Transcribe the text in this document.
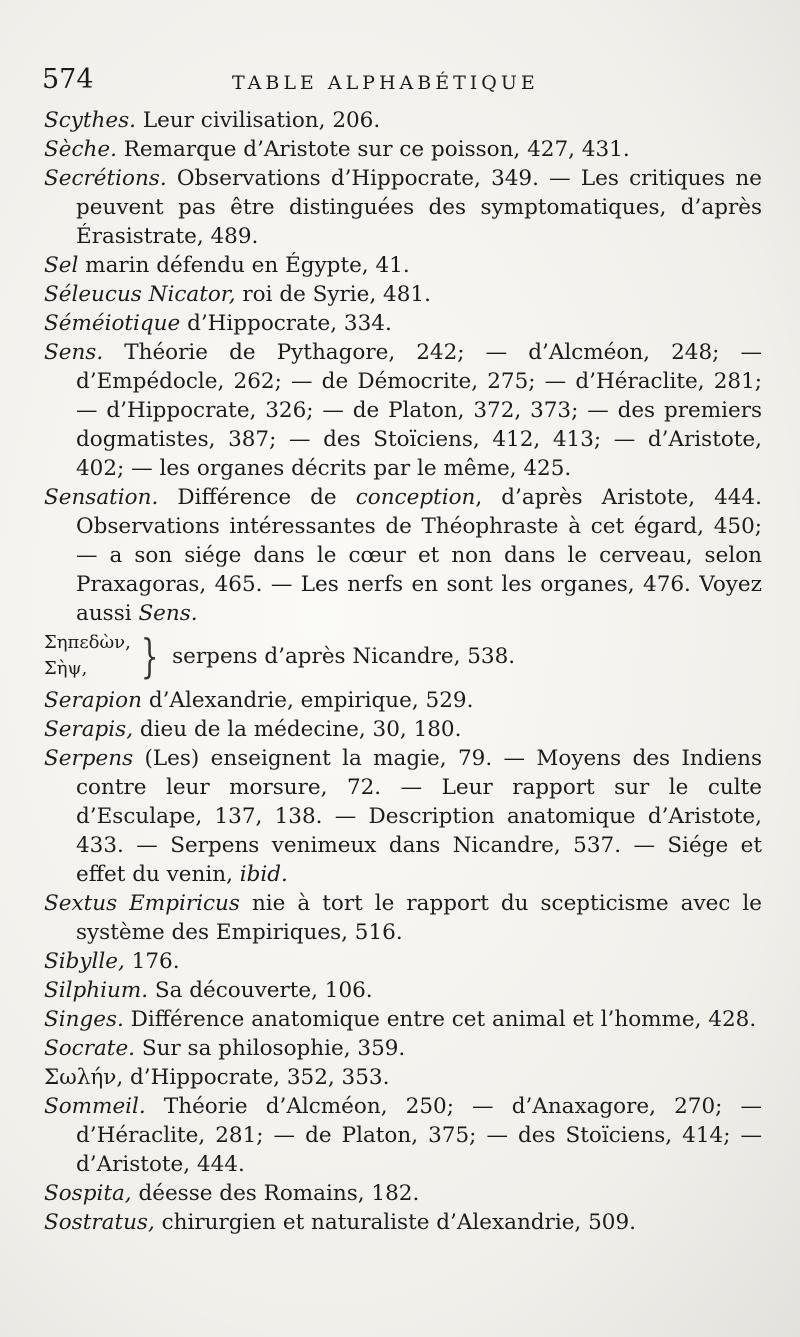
574	TABLE ALPHABÉTIQUE
Scythes. Leur civilisation, 206.
Sèche. Remarque d’Aristote sur ce poisson, 427, 431.
Secrétions. Observations d’Hippocrate, 349. — Les critiques ne peuvent pas être distinguées des symptomatiques, d’après Érasistrate, 489.
Sel marin défendu en Égypte, 41.
Séleucus Nicator, roi de Syrie, 481.
Séméiotique d’Hippocrate, 334.
Sens. Théorie de Pythagore, 242; — d’Alcméon, 248; — d’Empédocle, 262; — de Démocrite, 275; — d’Héraclite, 281; — d’Hippocrate, 326; — de Platon, 372, 373; — des premiers dogmatistes, 387; — des Stoïciens, 412, 413; — d’Aristote, 402; — les organes décrits par le même, 425.
Sensation. Différence de conception, d’après Aristote, 444. Observations intéressantes de Théophraste à cet égard, 450; — a son siége dans le cœur et non dans le cerveau, selon Praxagoras, 465. — Les nerfs en sont les organes, 476. Voyez aussi Sens.
Σηπεδὼν,
Σὴψ,	} serpens d’après Nicandre, 538.
Serapion d’Alexandrie, empirique, 529.
Serapis, dieu de la médecine, 30, 180.
Serpens (Les) enseignent la magie, 79. — Moyens des Indiens contre leur morsure, 72. — Leur rapport sur le culte d’Esculape, 137, 138. — Description anatomique d’Aristote, 433. — Serpens venimeux dans Nicandre, 537. — Siége et effet du venin, ibid.
Sextus Empiricus nie à tort le rapport du scepticisme avec le système des Empiriques, 516.
Sibylle, 176.
Silphium. Sa découverte, 106.
Singes. Différence anatomique entre cet animal et l’homme, 428.
Socrate. Sur sa philosophie, 359.
Σωλήν, d’Hippocrate, 352, 353.
Sommeil. Théorie d’Alcméon, 250; — d’Anaxagore, 270; — d’Héraclite, 281; — de Platon, 375; — des Stoïciens, 414; — d’Aristote, 444.
Sospita, déesse des Romains, 182.
Sostratus, chirurgien et naturaliste d’Alexandrie, 509.
